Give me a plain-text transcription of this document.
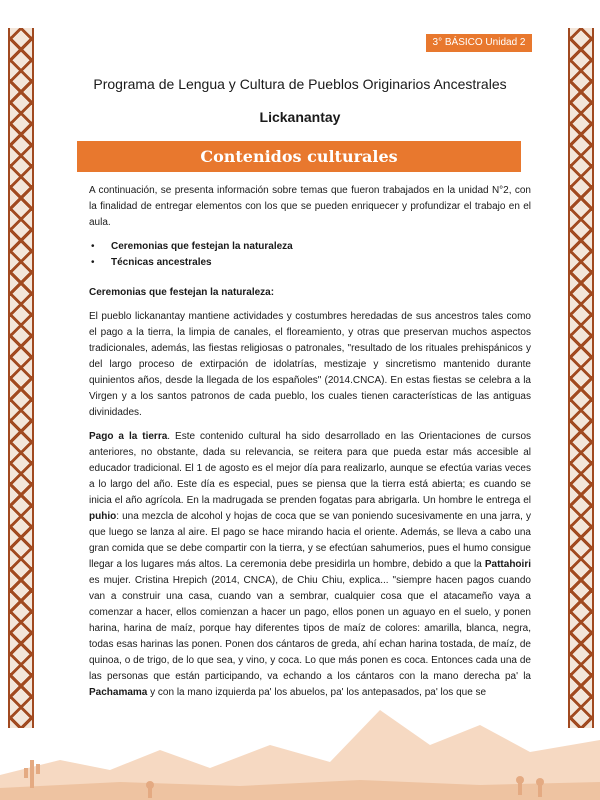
3° BÁSICO Unidad 2
Programa de Lengua y Cultura de Pueblos Originarios Ancestrales
Lickanantay
Contenidos culturales

A continuación, se presenta información sobre temas que fueron trabajados en la unidad N°2, con la finalidad de entregar elementos con los que se pueden enriquecer y profundizar el trabajo en el aula.

• Ceremonias que festejan la naturaleza
• Técnicas ancestrales
Ceremonias que festejan la naturaleza:

El pueblo lickanantay mantiene actividades y costumbres heredadas de sus ancestros tales como el pago a la tierra, la limpia de canales, el floreamiento, y otras que preservan muchos aspectos tradicionales, además, las fiestas religiosas o patronales, "resultado de los rituales prehispánicos y del largo proceso de extirpación de idolatrías, mestizaje y sincretismo mantenido durante quinientos años, desde la llegada de los españoles" (2014.CNCA). En estas fiestas se celebra a la Virgen y a los santos patronos de cada pueblo, los cuales tienen características de las antiguas divinidades.

Pago a la tierra. Este contenido cultural ha sido desarrollado en las Orientaciones de cursos anteriores, no obstante, dada su relevancia, se reitera para que pueda estar más accesible al educador tradicional. El 1 de agosto es el mejor día para realizarlo, aunque se efectúa varias veces a lo largo del año. Este día es especial, pues se piensa que la tierra está abierta; es cuando se inicia el año agrícola. En la madrugada se prenden fogatas para abrigarla. Un hombre le entrega el puhio: una mezcla de alcohol y hojas de coca que se van poniendo sucesivamente en una jarra, y que luego se lanza al aire. El pago se hace mirando hacia el oriente. Además, se lleva a cabo una gran comida que se debe compartir con la tierra, y se efectúan sahumerios, pues el humo consigue llegar a los lugares más altos. La ceremonia debe presidirla un hombre, debido a que la Pattahoiri es mujer. Cristina Hrepich (2014, CNCA), de Chiu Chiu, explica... "siempre hacen pagos cuando van a construir una casa, cuando van a sembrar, cualquier cosa que el atacameño vaya a comenzar a hacer, ellos comienzan a hacer un pago, ellos ponen un aguayo en el suelo, y ponen harina, harina de maíz, porque hay diferentes tipos de maíz de colores: amarilla, blanca, negra, todas esas harinas las ponen. Ponen dos cántaros de greda, ahí echan harina tostada, de maíz, de quinoa, o de trigo, de lo que sea, y vino, y coca. Lo que más ponen es coca. Entonces cada una de las personas que están participando, va echando a los cántaros con la mano derecha pa' la Pachamama y con la mano izquierda pa' los abuelos, pa' los antepasados, pa' los que se
